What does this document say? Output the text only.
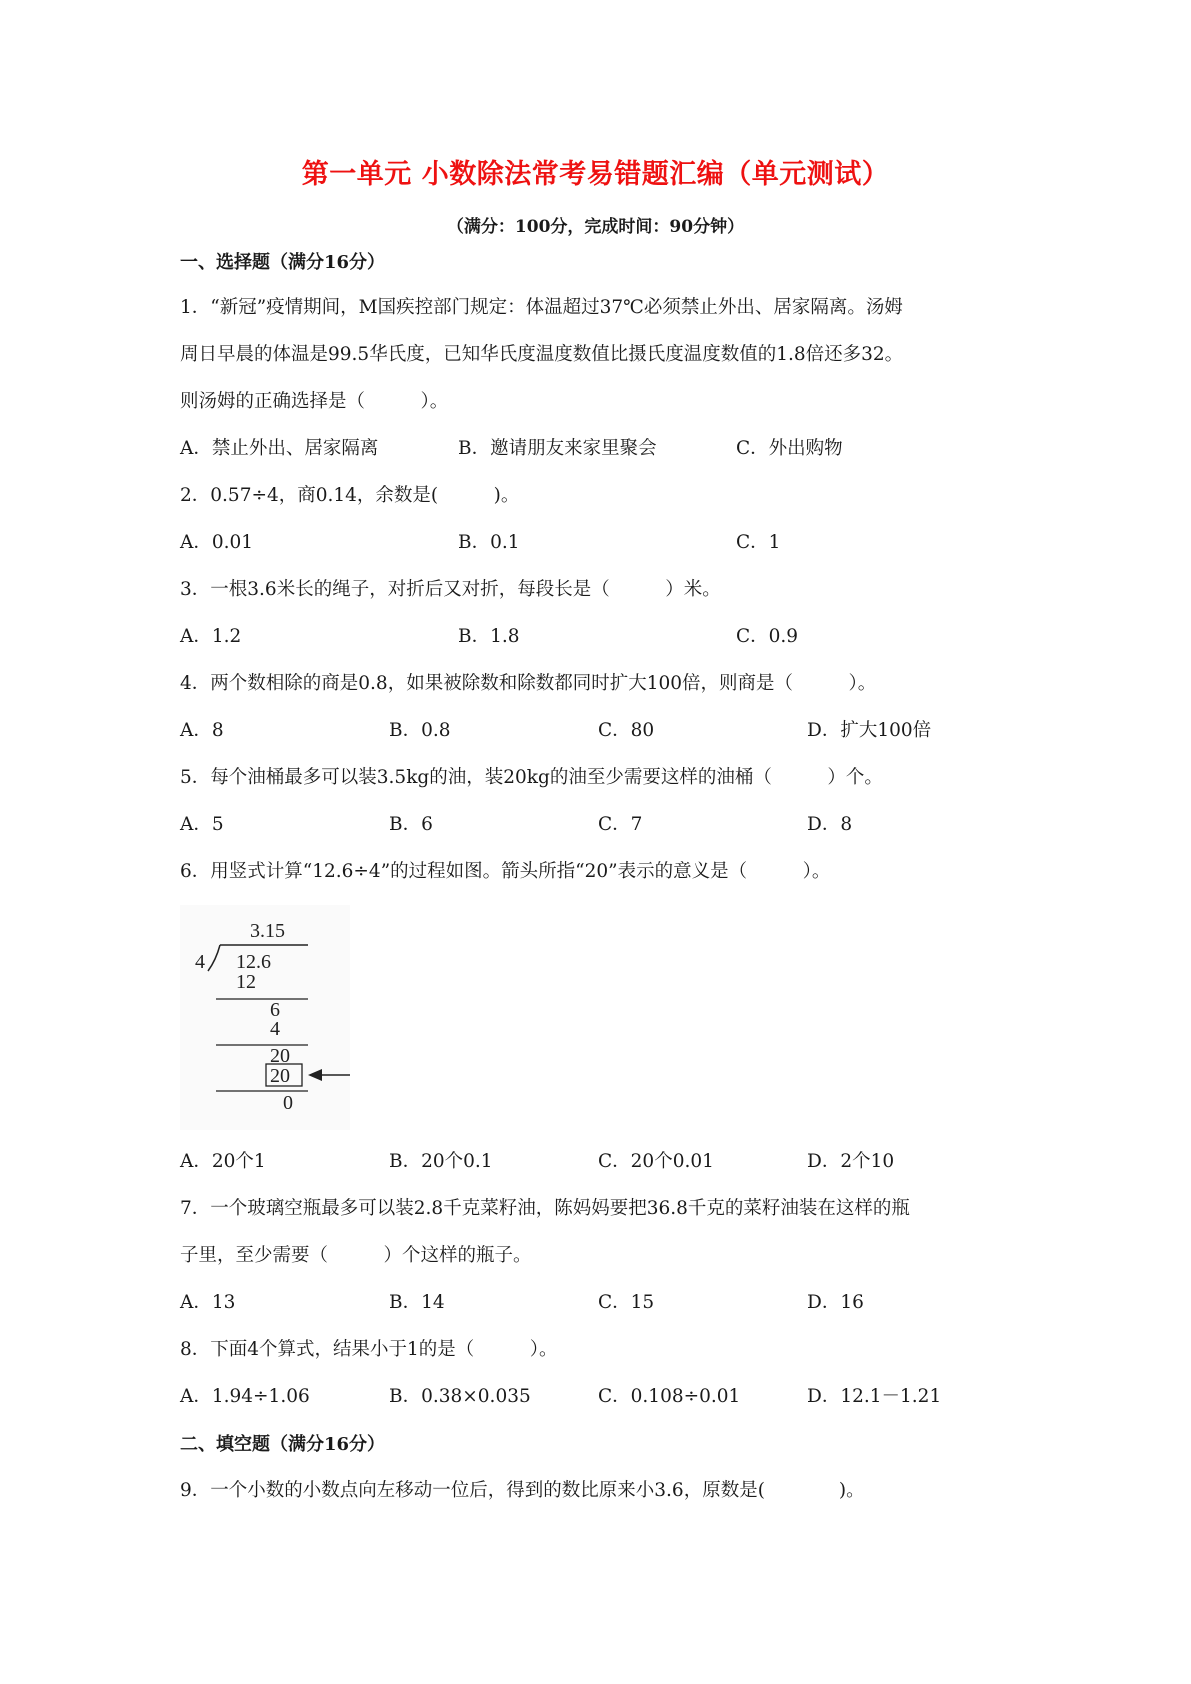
第一单元 小数除法常考易错题汇编（单元测试）
（满分：100分，完成时间：90分钟）
一、选择题（满分16分）
1．“新冠”疫情期间，M国疾控部门规定：体温超过37℃必须禁止外出、居家隔离。汤姆
周日早晨的体温是99.5华氏度，已知华氏度温度数值比摄氏度温度数值的1.8倍还多32。
则汤姆的正确选择是（　　　）。
A．禁止外出、居家隔离	B．邀请朋友来家里聚会	C．外出购物
2．0.57÷4，商0.14，余数是(　　　)。
A．0.01	B．0.1	C．1
3．一根3.6米长的绳子，对折后又对折，每段长是（　　　）米。
A．1.2	B．1.8	C．0.9
4．两个数相除的商是0.8，如果被除数和除数都同时扩大100倍，则商是（　　　）。
A．8	B．0.8	C．80	D．扩大100倍
5．每个油桶最多可以装3.5kg的油，装20kg的油至少需要这样的油桶（　　　）个。
A．5	B．6	C．7	D．8
6．用竖式计算“12.6÷4”的过程如图。箭头所指“20”表示的意义是（　　　）。
3.15
4 12.6
12
6
4
20
20
0
A．20个1	B．20个0.1	C．20个0.01	D．2个10
7．一个玻璃空瓶最多可以装2.8千克菜籽油，陈妈妈要把36.8千克的菜籽油装在这样的瓶
子里，至少需要（　　　）个这样的瓶子。
A．13	B．14	C．15	D．16
8．下面4个算式，结果小于1的是（　　　）。
A．1.94÷1.06	B．0.38×0.035	C．0.108÷0.01	D．12.1－1.21
二、填空题（满分16分）
9．一个小数的小数点向左移动一位后，得到的数比原来小3.6，原数是(　　　　)。
